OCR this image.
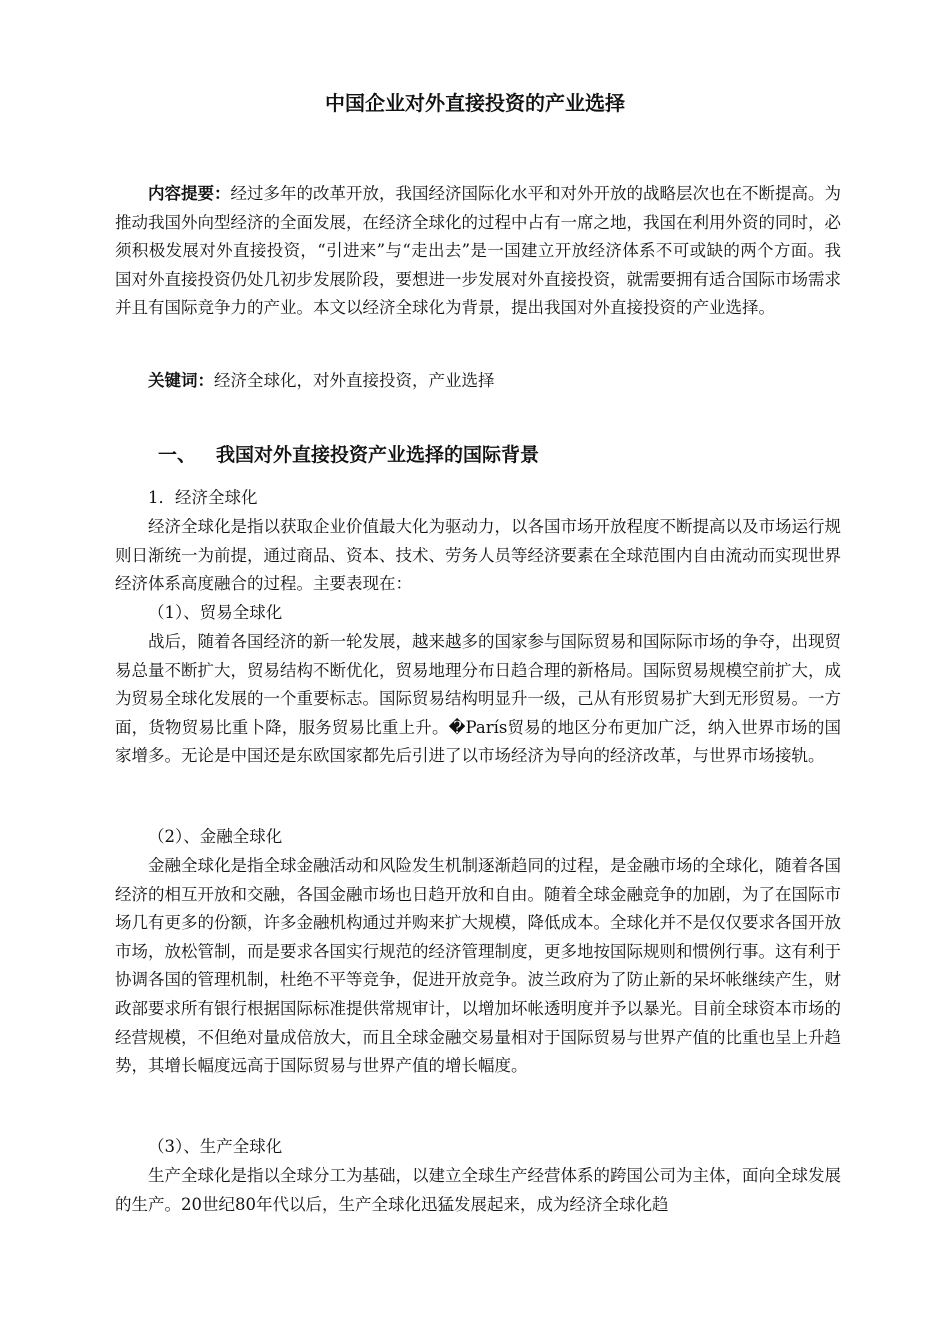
中国企业对外直接投资的产业选择

内容提要：经过多年的改革开放，我国经济国际化水平和对外开放的战略层次也在不断提高。为推动我国外向型经济的全面发展，在经济全球化的过程中占有一席之地，我国在利用外资的同时，必须积极发展对外直接投资，“引进来”与“走出去”是一国建立开放经济体系不可或缺的两个方面。我国对外直接投资仍处几初步发展阶段，要想进一步发展对外直接投资，就需要拥有适合国际市场需求并且有国际竞争力的产业。本文以经济全球化为背景，提出我国对外直接投资的产业选择。

关键词：经济全球化，对外直接投资，产业选择

一、 我国对外直接投资产业选择的国际背景

1．经济全球化

经济全球化是指以获取企业价值最大化为驱动力，以各国市场开放程度不断提高以及市场运行规则日渐统一为前提，通过商品、资本、技术、劳务人员等经济要素在全球范围内自由流动而实现世界经济体系高度融合的过程。主要表现在：

（1）、贸易全球化

战后，随着各国经济的新一轮发展，越来越多的国家参与国际贸易和国际际市场的争夺，出现贸易总量不断扩大，贸易结构不断优化，贸易地理分布日趋合理的新格局。国际贸易规模空前扩大，成为贸易全球化发展的一个重要标志。国际贸易结构明显升一级，己从有形贸易扩大到无形贸易。一方面，货物贸易比重卜降，服务贸易比重上升。�París贸易的地区分布更加广泛，纳入世界市场的国家增多。无论是中国还是东欧国家都先后引进了以市场经济为导向的经济改革，与世界市场接轨。

（2）、金融全球化

金融全球化是指全球金融活动和风险发生机制逐渐趋同的过程，是金融市场的全球化，随着各国经济的相互开放和交融，各国金融市场也日趋开放和自由。随着全球金融竞争的加剧，为了在国际市场几有更多的份额，许多金融机构通过并购来扩大规模，降低成本。全球化并不是仅仅要求各国开放市场，放松管制，而是要求各国实行规范的经济管理制度，更多地按国际规则和惯例行事。这有利于协调各国的管理机制，杜绝不平等竞争，促进开放竞争。波兰政府为了防止新的呆坏帐继续产生，财政部要求所有银行根据国际标准提供常规审计，以增加坏帐透明度并予以暴光。目前全球资本市场的经营规模，不但绝对量成倍放大，而且全球金融交易量相对于国际贸易与世界产值的比重也呈上升趋势，其增长幅度远高于国际贸易与世界产值的增长幅度。

（3）、生产全球化

生产全球化是指以全球分工为基础，以建立全球生产经营体系的跨国公司为主体，面向全球发展的生产。20世纪80年代以后，生产全球化迅猛发展起来，成为经济全球化趋
